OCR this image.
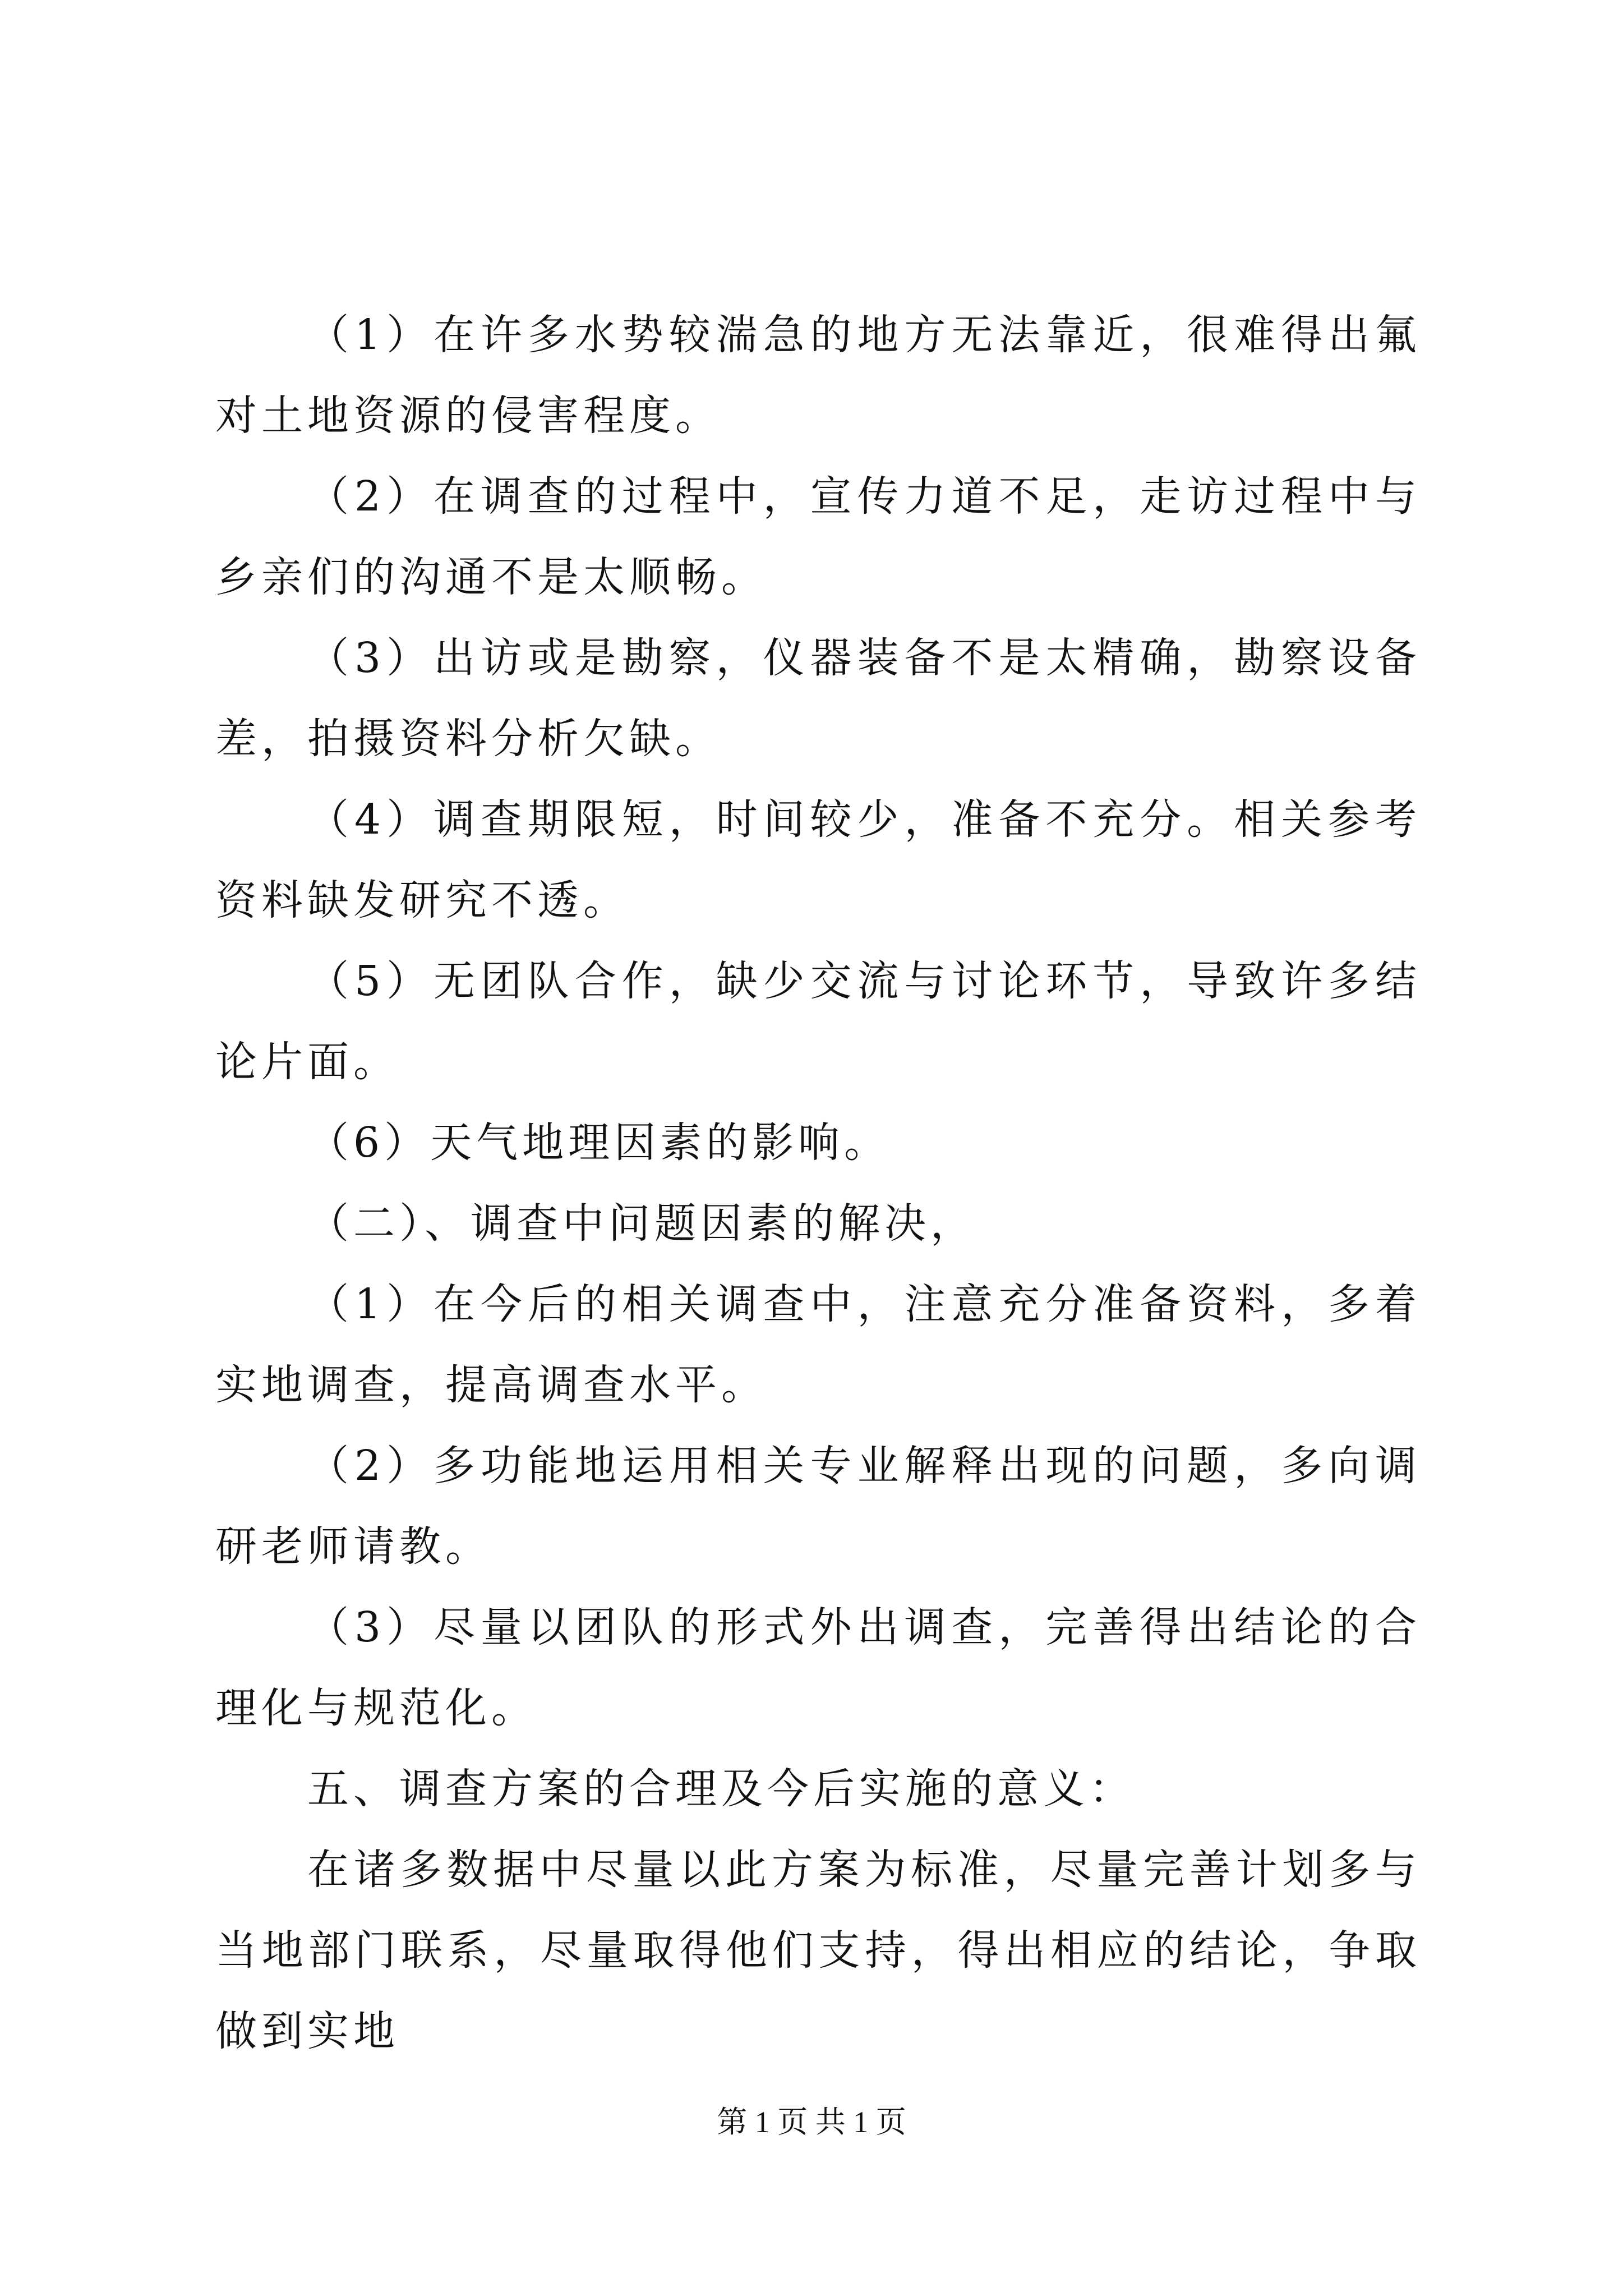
（1）在许多水势较湍急的地方无法靠近，很难得出氟对土地资源的侵害程度。

（2）在调查的过程中，宣传力道不足，走访过程中与乡亲们的沟通不是太顺畅。

（3）出访或是勘察，仪器装备不是太精确，勘察设备差，拍摄资料分析欠缺。

（4）调查期限短，时间较少，准备不充分。相关参考资料缺发研究不透。

（5）无团队合作，缺少交流与讨论环节，导致许多结论片面。

（6）天气地理因素的影响。

（二）、调查中问题因素的解决，

（1）在今后的相关调查中，注意充分准备资料，多着实地调查，提高调查水平。

（2）多功能地运用相关专业解释出现的问题，多向调研老师请教。

（3）尽量以团队的形式外出调查，完善得出结论的合理化与规范化。

五、调查方案的合理及今后实施的意义：

在诸多数据中尽量以此方案为标准，尽量完善计划多与当地部门联系，尽量取得他们支持，得出相应的结论，争取做到实地

第 1 页 共 1 页
